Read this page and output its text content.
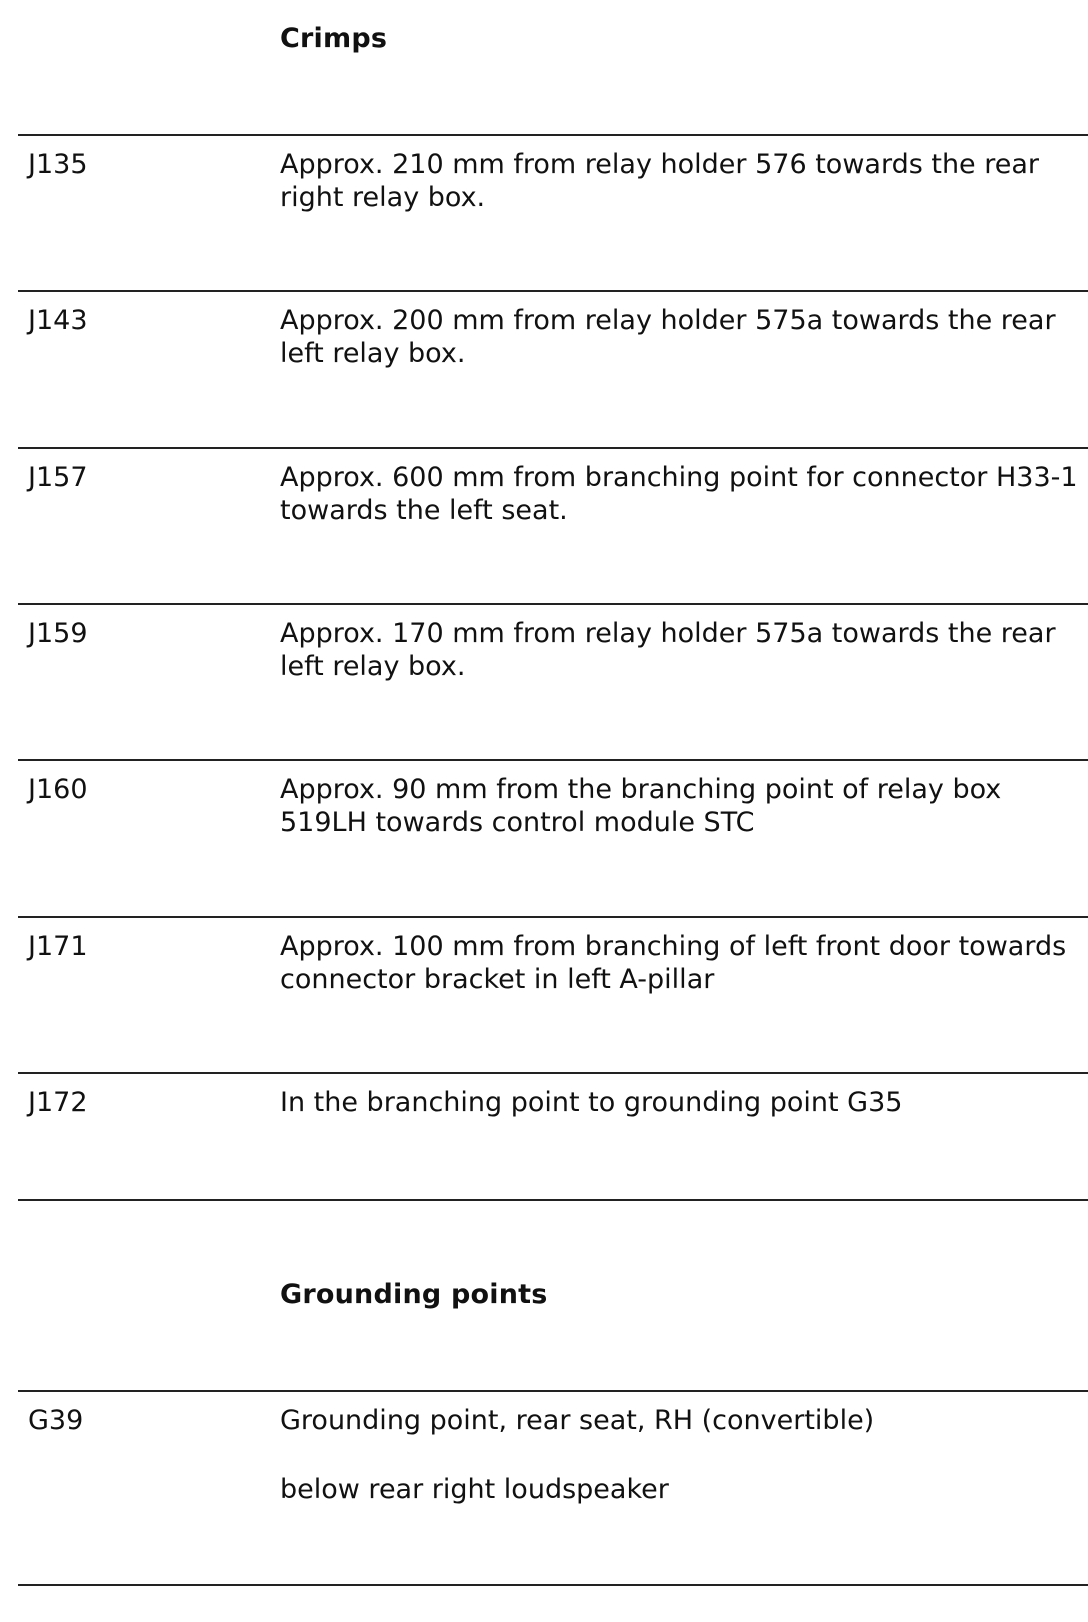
Crimps
J135	Approx. 210 mm from relay holder 576 towards the rear right relay box.
J143	Approx. 200 mm from relay holder 575a towards the rear left relay box.
J157	Approx. 600 mm from branching point for connector H33-1 towards the left seat.
J159	Approx. 170 mm from relay holder 575a towards the rear left relay box.
J160	Approx. 90 mm from the branching point of relay box 519LH towards control module STC
J171	Approx. 100 mm from branching of left front door towards connector bracket in left A-pillar
J172	In the branching point to grounding point G35
Grounding points
G39	Grounding point, rear seat, RH (convertible)

below rear right loudspeaker
